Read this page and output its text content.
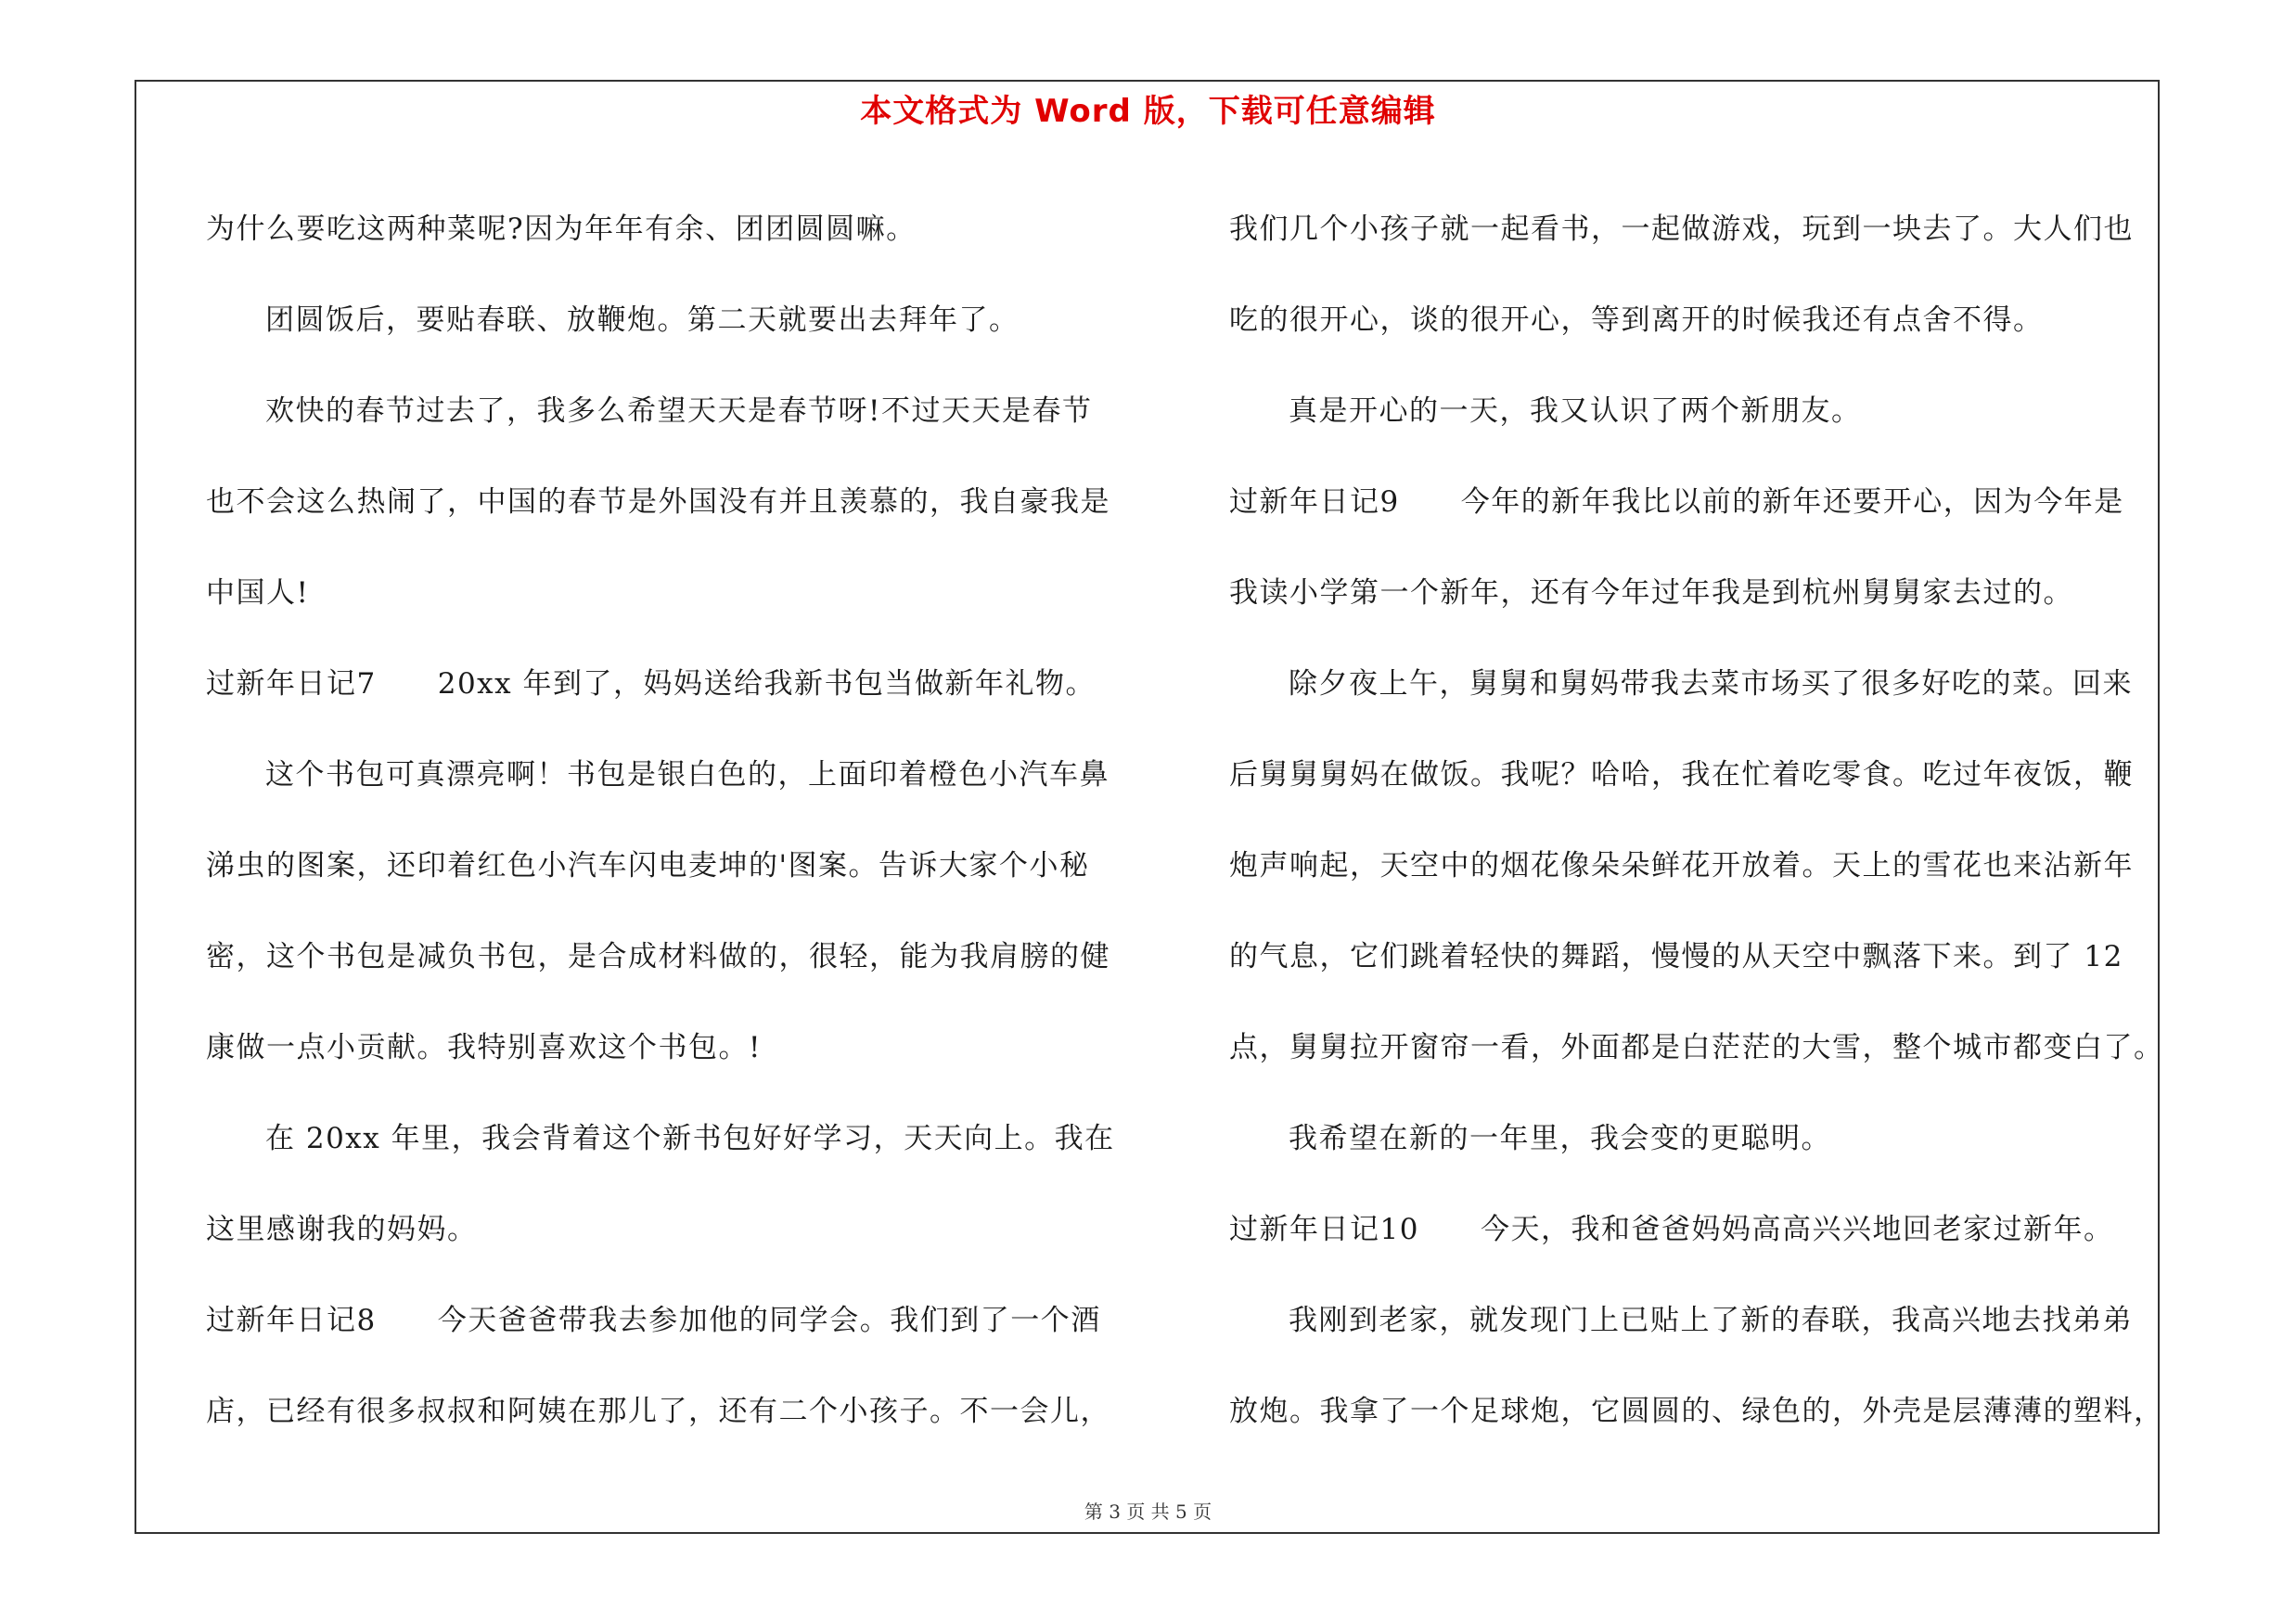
本文格式为 Word 版，下载可任意编辑
为什么要吃这两种菜呢?因为年年有余、团团圆圆嘛。
团圆饭后，要贴春联、放鞭炮。第二天就要出去拜年了。
欢快的春节过去了，我多么希望天天是春节呀!不过天天是春节
也不会这么热闹了，中国的春节是外国没有并且羡慕的，我自豪我是
中国人!
过新年日记7 20xx 年到了，妈妈送给我新书包当做新年礼物。
这个书包可真漂亮啊！书包是银白色的，上面印着橙色小汽车鼻
涕虫的图案，还印着红色小汽车闪电麦坤的'图案。告诉大家个小秘
密，这个书包是减负书包，是合成材料做的，很轻，能为我肩膀的健
康做一点小贡献。我特别喜欢这个书包。!
在 20xx 年里，我会背着这个新书包好好学习，天天向上。我在
这里感谢我的妈妈。
过新年日记8 今天爸爸带我去参加他的同学会。我们到了一个酒
店，已经有很多叔叔和阿姨在那儿了，还有二个小孩子。不一会儿，
我们几个小孩子就一起看书，一起做游戏，玩到一块去了。大人们也
吃的很开心，谈的很开心，等到离开的时候我还有点舍不得。
真是开心的一天，我又认识了两个新朋友。
过新年日记9 今年的新年我比以前的新年还要开心，因为今年是
我读小学第一个新年，还有今年过年我是到杭州舅舅家去过的。
除夕夜上午，舅舅和舅妈带我去菜市场买了很多好吃的菜。回来
后舅舅舅妈在做饭。我呢？哈哈，我在忙着吃零食。吃过年夜饭，鞭
炮声响起，天空中的烟花像朵朵鲜花开放着。天上的雪花也来沾新年
的气息，它们跳着轻快的舞蹈，慢慢的从天空中飘落下来。到了 12
点，舅舅拉开窗帘一看，外面都是白茫茫的大雪，整个城市都变白了。
我希望在新的一年里，我会变的更聪明。
过新年日记10 今天，我和爸爸妈妈高高兴兴地回老家过新年。
我刚到老家，就发现门上已贴上了新的春联，我高兴地去找弟弟
放炮。我拿了一个足球炮，它圆圆的、绿色的，外壳是层薄薄的塑料，
第 3 页 共 5 页
